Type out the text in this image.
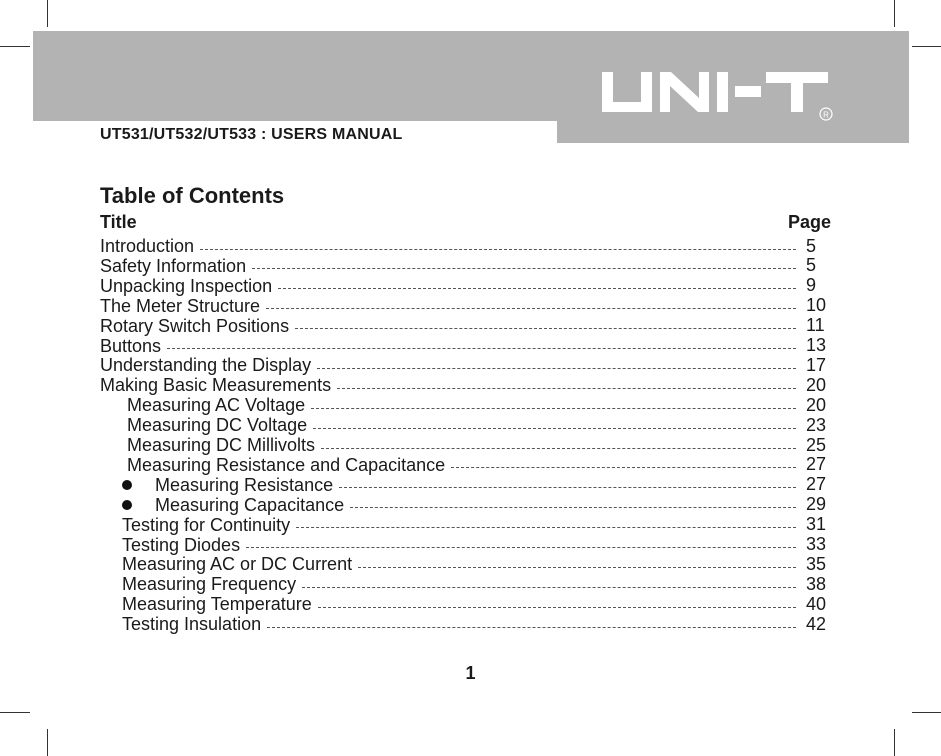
R
UT531/UT532/UT533 : USERS MANUAL
Table of Contents
Title	Page
Introduction	5
Safety Information	5
Unpacking Inspection	9
The Meter Structure	10
Rotary Switch Positions	11
Buttons	13
Understanding the Display	17
Making Basic Measurements	20
Measuring AC Voltage	20
Measuring DC Voltage	23
Measuring DC Millivolts	25
Measuring Resistance and Capacitance	27
Measuring Resistance	27
Measuring Capacitance	29
Testing for Continuity	31
Testing Diodes	33
Measuring AC or DC Current	35
Measuring Frequency	38
Measuring Temperature	40
Testing Insulation	42
1
